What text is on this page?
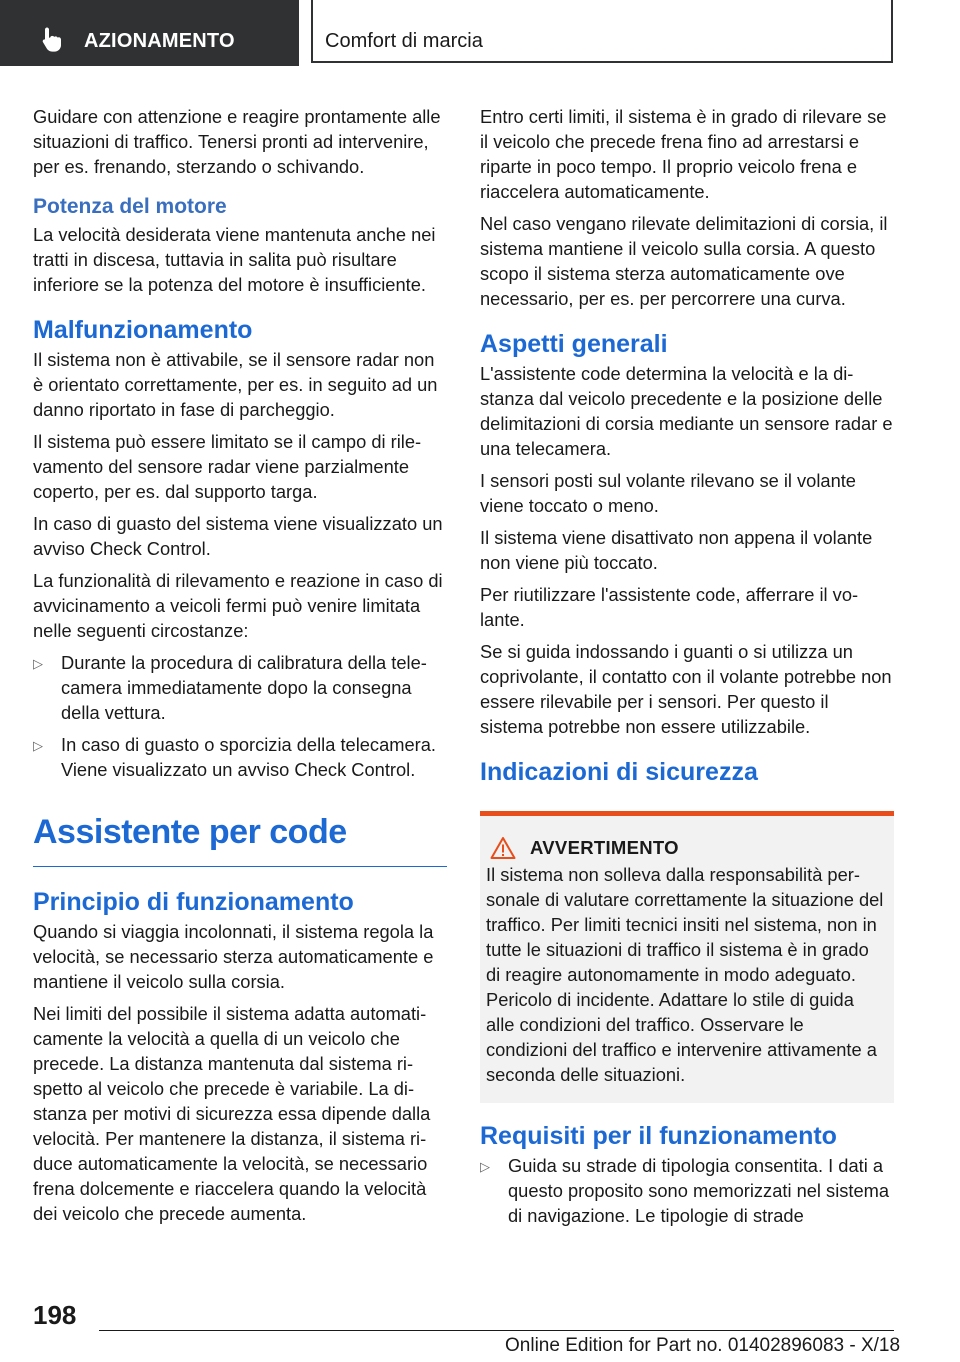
AZIONAMENTO	Comfort di marcia

Guidare con attenzione e reagire prontamente alle situazioni di traffico. Tenersi pronti ad intervenire, per es. frenando, sterzando o schivando.

Potenza del motore

La velocità desiderata viene mantenuta anche nei tratti in discesa, tuttavia in salita può risultare inferiore se la potenza del motore è insufficiente.

Malfunzionamento

Il sistema non è attivabile, se il sensore radar non è orientato correttamente, per es. in seguito ad un danno riportato in fase di parcheggio.

Il sistema può essere limitato se il campo di rilevamento del sensore radar viene parzialmente coperto, per es. dal supporto targa.

In caso di guasto del sistema viene visualizzato un avviso Check Control.

La funzionalità di rilevamento e reazione in caso di avvicinamento a veicoli fermi può venire limitata nelle seguenti circostanze:

▷ Durante la procedura di calibratura della telecamera immediatamente dopo la consegna della vettura.
▷ In caso di guasto o sporcizia della telecamera. Viene visualizzato un avviso Check Control.
Assistente per code
Principio di funzionamento

Quando si viaggia incolonnati, il sistema regola la velocità, se necessario sterza automaticamente e mantiene il veicolo sulla corsia.

Nei limiti del possibile il sistema adatta automaticamente la velocità a quella di un veicolo che precede. La distanza mantenuta dal sistema rispetto al veicolo che precede è variabile. La distanza per motivi di sicurezza essa dipende dalla velocità. Per mantenere la distanza, il sistema riduce automaticamente la velocità, se necessario frena dolcemente e riaccelera quando la velocità dei veicolo che precede aumenta.

Entro certi limiti, il sistema è in grado di rilevare se il veicolo che precede frena fino ad arrestarsi e riparte in poco tempo. Il proprio veicolo frena e riaccelera automaticamente.

Nel caso vengano rilevate delimitazioni di corsia, il sistema mantiene il veicolo sulla corsia. A questo scopo il sistema sterza automaticamente ove necessario, per es. per percorrere una curva.

Aspetti generali

L'assistente code determina la velocità e la distanza dal veicolo precedente e la posizione delle delimitazioni di corsia mediante un sensore radar e una telecamera.

I sensori posti sul volante rilevano se il volante viene toccato o meno.

Il sistema viene disattivato non appena il volante non viene più toccato.

Per riutilizzare l'assistente code, afferrare il volante.

Se si guida indossando i guanti o si utilizza un coprivolante, il contatto con il volante potrebbe non essere rilevabile per i sensori. Per questo il sistema potrebbe non essere utilizzabile.

Indicazioni di sicurezza
AVVERTIMENTO

Il sistema non solleva dalla responsabilità personale di valutare correttamente la situazione del traffico. Per limiti tecnici insiti nel sistema, non in tutte le situazioni di traffico il sistema è in grado di reagire autonomamente in modo adeguato. Pericolo di incidente. Adattare lo stile di guida alle condizioni del traffico. Osservare le condizioni del traffico e intervenire attivamente a seconda delle situazioni.

Requisiti per il funzionamento
▷ Guida su strade di tipologia consentita. I dati a questo proposito sono memorizzati nel sistema di navigazione. Le tipologie di strade
198
Online Edition for Part no. 01402896083 - X/18
